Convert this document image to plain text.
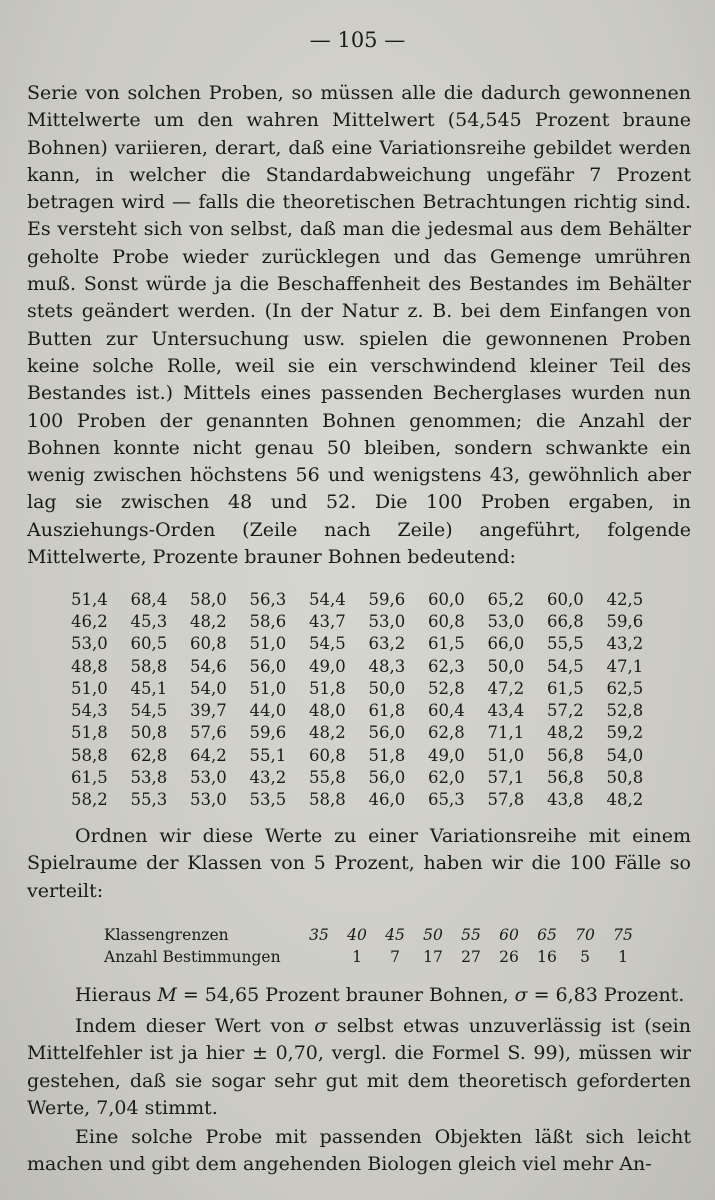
— 105 —
Serie von solchen Proben, so müssen alle die dadurch gewonnenen Mittelwerte um den wahren Mittelwert (54,545 Prozent braune Bohnen) variieren, derart, daß eine Variationsreihe gebildet werden kann, in welcher die Standardabweichung ungefähr 7 Prozent betragen wird — falls die theoretischen Betrachtungen richtig sind. Es versteht sich von selbst, daß man die jedesmal aus dem Behälter geholte Probe wieder zurücklegen und das Gemenge umrühren muß. Sonst würde ja die Beschaffenheit des Bestandes im Behälter stets geändert werden. (In der Natur z. B. bei dem Einfangen von Butten zur Untersuchung usw. spielen die gewonnenen Proben keine solche Rolle, weil sie ein verschwindend kleiner Teil des Bestandes ist.) Mittels eines passenden Becherglases wurden nun 100 Proben der genannten Bohnen genommen; die Anzahl der Bohnen konnte nicht genau 50 bleiben, sondern schwankte ein wenig zwischen höchstens 56 und wenigstens 43, gewöhnlich aber lag sie zwischen 48 und 52. Die 100 Proben ergaben, in Ausziehungs-Orden (Zeile nach Zeile) angeführt, folgende Mittelwerte, Prozente brauner Bohnen bedeutend:
51,4	68,4	58,0	56,3	54,4	59,6	60,0	65,2	60,0	42,5
46,2	45,3	48,2	58,6	43,7	53,0	60,8	53,0	66,8	59,6
53,0	60,5	60,8	51,0	54,5	63,2	61,5	66,0	55,5	43,2
48,8	58,8	54,6	56,0	49,0	48,3	62,3	50,0	54,5	47,1
51,0	45,1	54,0	51,0	51,8	50,0	52,8	47,2	61,5	62,5
54,3	54,5	39,7	44,0	48,0	61,8	60,4	43,4	57,2	52,8
51,8	50,8	57,6	59,6	48,2	56,0	62,8	71,1	48,2	59,2
58,8	62,8	64,2	55,1	60,8	51,8	49,0	51,0	56,8	54,0
61,5	53,8	53,0	43,2	55,8	56,0	62,0	57,1	56,8	50,8
58,2	55,3	53,0	53,5	58,8	46,0	65,3	57,8	43,8	48,2
Ordnen wir diese Werte zu einer Variationsreihe mit einem Spielraume der Klassen von 5 Prozent, haben wir die 100 Fälle so verteilt:
Klassengrenzen	35	40	45	50	55	60	65	70	75
Anzahl Bestimmungen		1	7	17	27	26	16	5	1
Hieraus M = 54,65 Prozent brauner Bohnen, σ = 6,83 Prozent.
Indem dieser Wert von σ selbst etwas unzuverlässig ist (sein Mittelfehler ist ja hier ± 0,70, vergl. die Formel S. 99), müssen wir gestehen, daß sie sogar sehr gut mit dem theoretisch geforderten Werte, 7,04 stimmt.
Eine solche Probe mit passenden Objekten läßt sich leicht machen und gibt dem angehenden Biologen gleich viel mehr An-
